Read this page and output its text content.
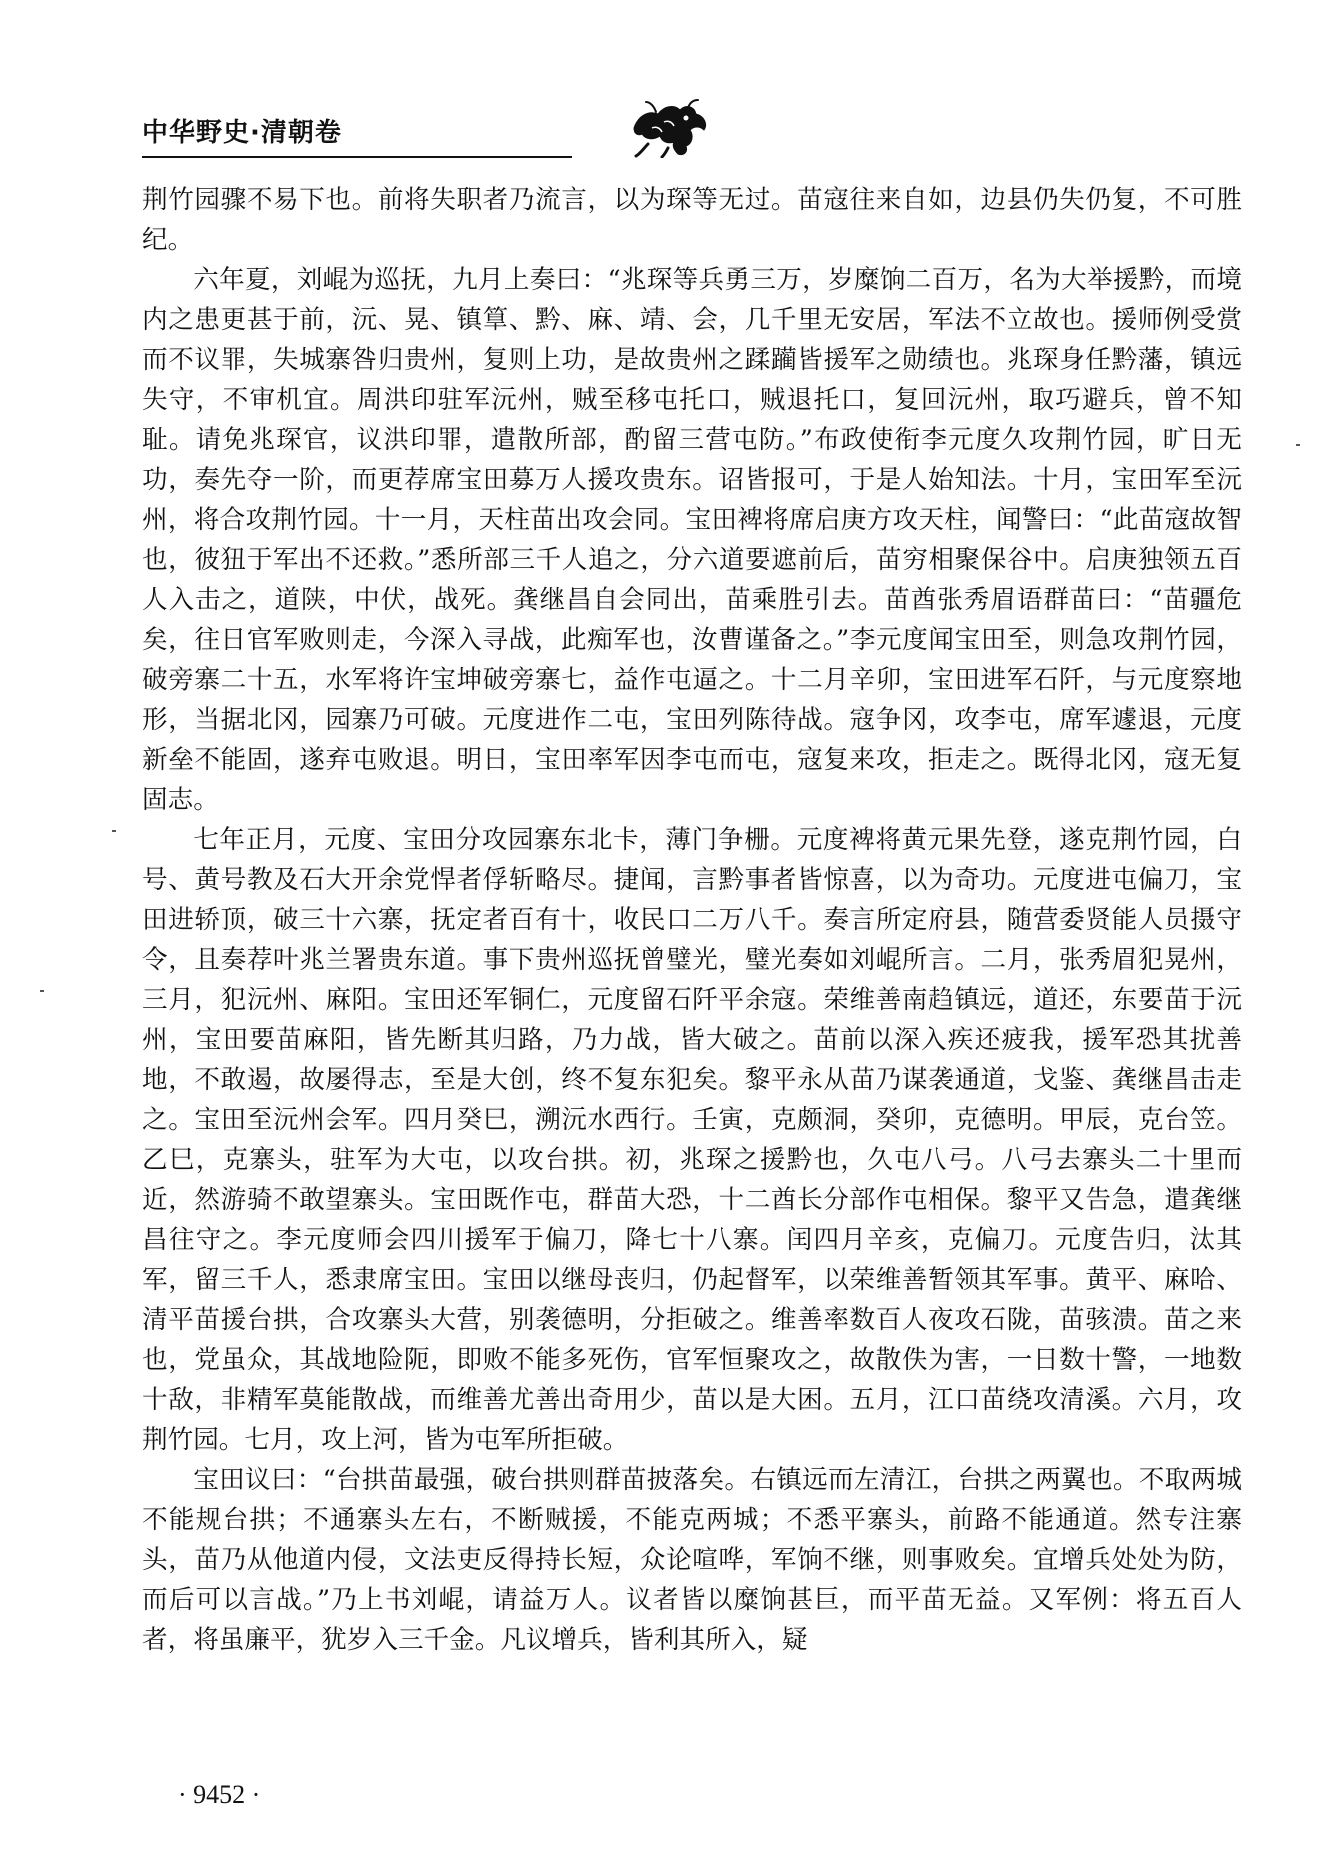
中华野史·清朝卷

荆竹园骤不易下也。前将失职者乃流言，以为琛等无过。苗寇往来自如，边县仍失仍复，不可胜纪。

六年夏，刘崐为巡抚，九月上奏曰：“兆琛等兵勇三万，岁糜饷二百万，名为大举援黔，而境内之患更甚于前，沅、晃、镇筸、黔、麻、靖、会，几千里无安居，军法不立故也。援师例受赏而不议罪，失城寨咎归贵州，复则上功，是故贵州之蹂躏皆援军之勋绩也。兆琛身任黔藩，镇远失守，不审机宜。周洪印驻军沅州，贼至移屯托口，贼退托口，复回沅州，取巧避兵，曾不知耻。请免兆琛官，议洪印罪，遣散所部，酌留三营屯防。”布政使衔李元度久攻荆竹园，旷日无功，奏先夺一阶，而更荐席宝田募万人援攻贵东。诏皆报可，于是人始知法。十月，宝田军至沅州，将合攻荆竹园。十一月，天柱苗出攻会同。宝田裨将席启庚方攻天柱，闻警曰：“此苗寇故智也，彼狃于军出不还救。”悉所部三千人追之，分六道要遮前后，苗穷相聚保谷中。启庚独领五百人入击之，道陕，中伏，战死。龚继昌自会同出，苗乘胜引去。苗酋张秀眉语群苗曰：“苗疆危矣，往日官军败则走，今深入寻战，此痴军也，汝曹谨备之。”李元度闻宝田至，则急攻荆竹园，破旁寨二十五，水军将许宝坤破旁寨七，益作屯逼之。十二月辛卯，宝田进军石阡，与元度察地形，当据北冈，园寨乃可破。元度进作二屯，宝田列陈待战。寇争冈，攻李屯，席军遽退，元度新垒不能固，遂弃屯败退。明日，宝田率军因李屯而屯，寇复来攻，拒走之。既得北冈，寇无复固志。

七年正月，元度、宝田分攻园寨东北卡，薄门争栅。元度裨将黄元果先登，遂克荆竹园，白号、黄号教及石大开余党悍者俘斩略尽。捷闻，言黔事者皆惊喜，以为奇功。元度进屯偏刀，宝田进轿顶，破三十六寨，抚定者百有十，收民口二万八千。奏言所定府县，随营委贤能人员摄守令，且奏荐叶兆兰署贵东道。事下贵州巡抚曾璧光，璧光奏如刘崐所言。二月，张秀眉犯晃州，三月，犯沅州、麻阳。宝田还军铜仁，元度留石阡平余寇。荣维善南趋镇远，道还，东要苗于沅州，宝田要苗麻阳，皆先断其归路，乃力战，皆大破之。苗前以深入疾还疲我，援军恐其扰善地，不敢遏，故屡得志，至是大创，终不复东犯矣。黎平永从苗乃谋袭通道，戈鉴、龚继昌击走之。宝田至沅州会军。四月癸巳，溯沅水西行。壬寅，克颇洞，癸卯，克德明。甲辰，克台笠。乙巳，克寨头，驻军为大屯，以攻台拱。初，兆琛之援黔也，久屯八弓。八弓去寨头二十里而近，然游骑不敢望寨头。宝田既作屯，群苗大恐，十二酋长分部作屯相保。黎平又告急，遣龚继昌往守之。李元度师会四川援军于偏刀，降七十八寨。闰四月辛亥，克偏刀。元度告归，汰其军，留三千人，悉隶席宝田。宝田以继母丧归，仍起督军，以荣维善暂领其军事。黄平、麻哈、清平苗援台拱，合攻寨头大营，别袭德明，分拒破之。维善率数百人夜攻石陇，苗骇溃。苗之来也，党虽众，其战地险阨，即败不能多死伤，官军恒聚攻之，故散佚为害，一日数十警，一地数十敌，非精军莫能散战，而维善尤善出奇用少，苗以是大困。五月，江口苗绕攻清溪。六月，攻荆竹园。七月，攻上河，皆为屯军所拒破。

宝田议曰：“台拱苗最强，破台拱则群苗披落矣。右镇远而左清江，台拱之两翼也。不取两城不能规台拱；不通寨头左右，不断贼援，不能克两城；不悉平寨头，前路不能通道。然专注寨头，苗乃从他道内侵，文法吏反得持长短，众论喧哗，军饷不继，则事败矣。宜增兵处处为防，而后可以言战。”乃上书刘崐，请益万人。议者皆以糜饷甚巨，而平苗无益。又军例：将五百人者，将虽廉平，犹岁入三千金。凡议增兵，皆利其所入，疑

· 9452 ·
